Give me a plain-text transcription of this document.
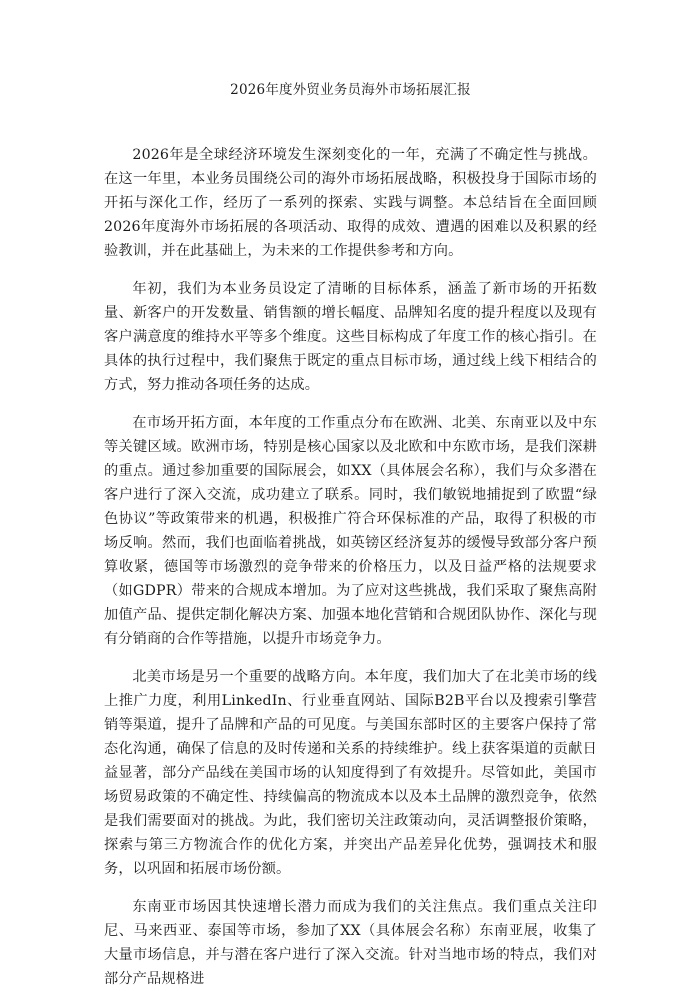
2026年度外贸业务员海外市场拓展汇报

2026年是全球经济环境发生深刻变化的一年，充满了不确定性与挑战。在这一年里，本业务员围绕公司的海外市场拓展战略，积极投身于国际市场的开拓与深化工作，经历了一系列的探索、实践与调整。本总结旨在全面回顾2026年度海外市场拓展的各项活动、取得的成效、遭遇的困难以及积累的经验教训，并在此基础上，为未来的工作提供参考和方向。

年初，我们为本业务员设定了清晰的目标体系，涵盖了新市场的开拓数量、新客户的开发数量、销售额的增长幅度、品牌知名度的提升程度以及现有客户满意度的维持水平等多个维度。这些目标构成了年度工作的核心指引。在具体的执行过程中，我们聚焦于既定的重点目标市场，通过线上线下相结合的方式，努力推动各项任务的达成。

在市场开拓方面，本年度的工作重点分布在欧洲、北美、东南亚以及中东等关键区域。欧洲市场，特别是核心国家以及北欧和中东欧市场，是我们深耕的重点。通过参加重要的国际展会，如XX（具体展会名称），我们与众多潜在客户进行了深入交流，成功建立了联系。同时，我们敏锐地捕捉到了欧盟“绿色协议”等政策带来的机遇，积极推广符合环保标准的产品，取得了积极的市场反响。然而，我们也面临着挑战，如英镑区经济复苏的缓慢导致部分客户预算收紧，德国等市场激烈的竞争带来的价格压力，以及日益严格的法规要求（如GDPR）带来的合规成本增加。为了应对这些挑战，我们采取了聚焦高附加值产品、提供定制化解决方案、加强本地化营销和合规团队协作、深化与现有分销商的合作等措施，以提升市场竞争力。

北美市场是另一个重要的战略方向。本年度，我们加大了在北美市场的线上推广力度，利用LinkedIn、行业垂直网站、国际B2B平台以及搜索引擎营销等渠道，提升了品牌和产品的可见度。与美国东部时区的主要客户保持了常态化沟通，确保了信息的及时传递和关系的持续维护。线上获客渠道的贡献日益显著，部分产品线在美国市场的认知度得到了有效提升。尽管如此，美国市场贸易政策的不确定性、持续偏高的物流成本以及本土品牌的激烈竞争，依然是我们需要面对的挑战。为此，我们密切关注政策动向，灵活调整报价策略，探索与第三方物流合作的优化方案，并突出产品差异化优势，强调技术和服务，以巩固和拓展市场份额。

东南亚市场因其快速增长潜力而成为我们的关注焦点。我们重点关注印尼、马来西亚、泰国等市场，参加了XX（具体展会名称）东南亚展，收集了大量市场信息，并与潜在客户进行了深入交流。针对当地市场的特点，我们对部分产品规格进
